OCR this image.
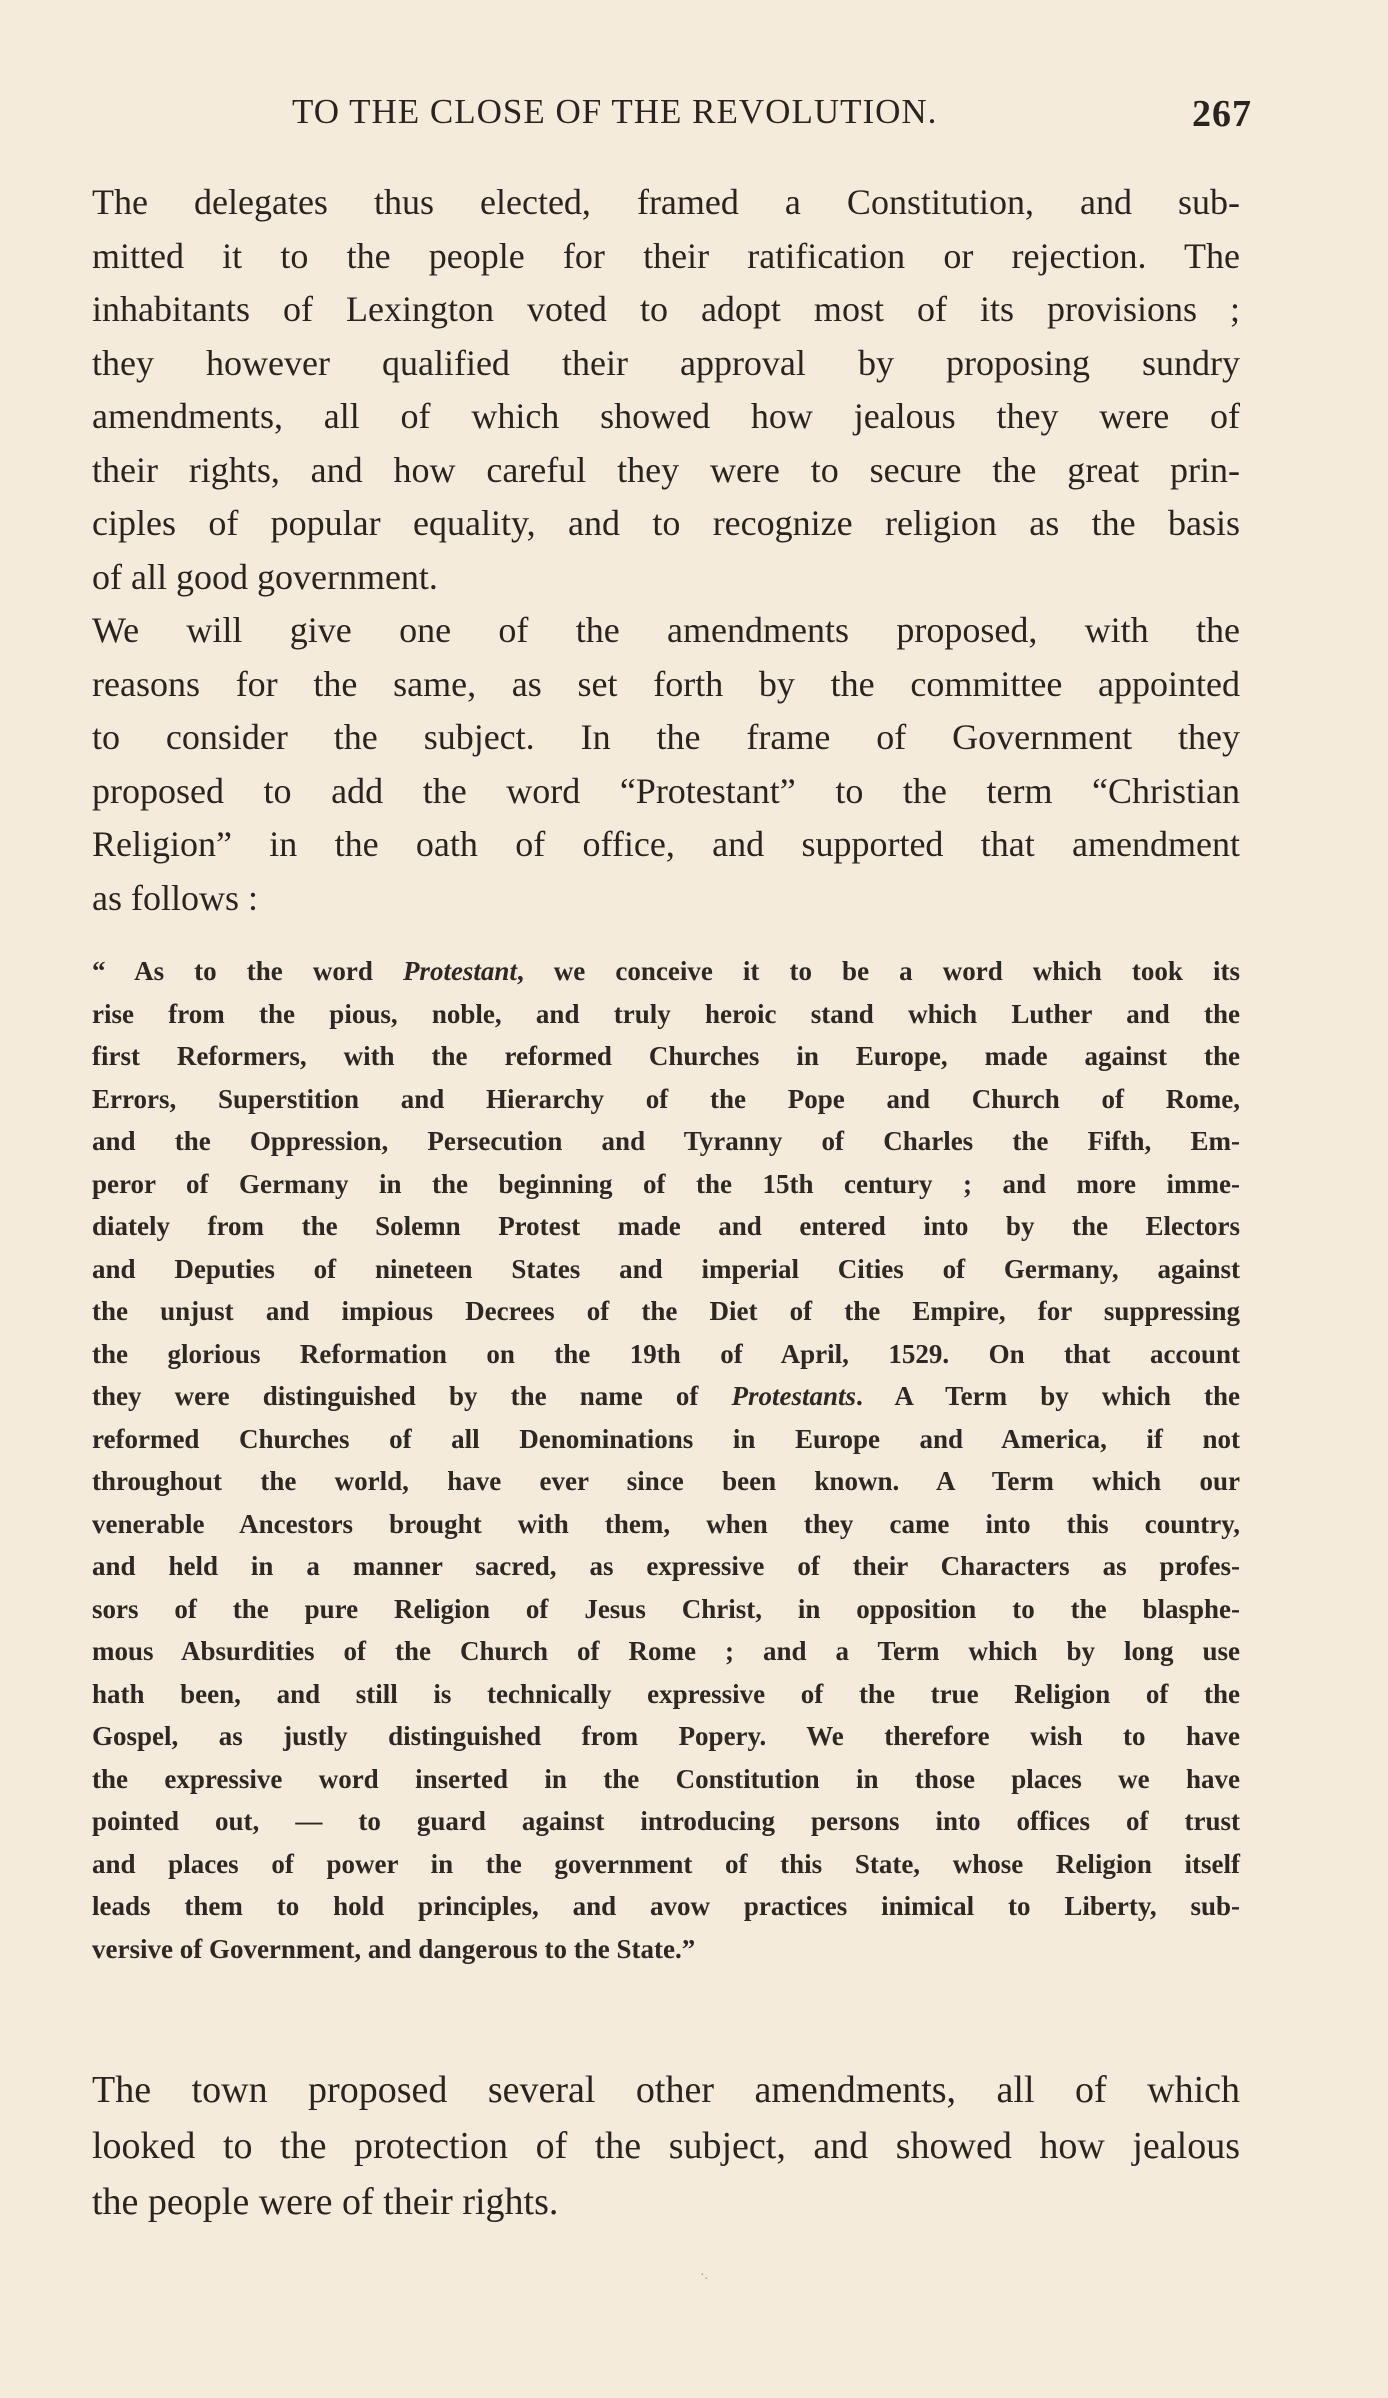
TO THE CLOSE OF THE REVOLUTION.	267
The delegates thus elected, framed a Constitution, and sub-
mitted it to the people for their ratification or rejection. The
inhabitants of Lexington voted to adopt most of its provisions ;
they however qualified their approval by proposing sundry
amendments, all of which showed how jealous they were of
their rights, and how careful they were to secure the great prin-
ciples of popular equality, and to recognize religion as the basis
of all good government.
We will give one of the amendments proposed, with the
reasons for the same, as set forth by the committee appointed
to consider the subject. In the frame of Government they
proposed to add the word “Protestant” to the term “Christian
Religion” in the oath of office, and supported that amendment
as follows :
“ As to the word Protestant, we conceive it to be a word which took its
rise from the pious, noble, and truly heroic stand which Luther and the
first Reformers, with the reformed Churches in Europe, made against the
Errors, Superstition and Hierarchy of the Pope and Church of Rome,
and the Oppression, Persecution and Tyranny of Charles the Fifth, Em-
peror of Germany in the beginning of the 15th century ; and more imme-
diately from the Solemn Protest made and entered into by the Electors
and Deputies of nineteen States and imperial Cities of Germany, against
the unjust and impious Decrees of the Diet of the Empire, for suppressing
the glorious Reformation on the 19th of April, 1529. On that account
they were distinguished by the name of Protestants. A Term by which the
reformed Churches of all Denominations in Europe and America, if not
throughout the world, have ever since been known. A Term which our
venerable Ancestors brought with them, when they came into this country,
and held in a manner sacred, as expressive of their Characters as profes-
sors of the pure Religion of Jesus Christ, in opposition to the blasphe-
mous Absurdities of the Church of Rome ; and a Term which by long use
hath been, and still is technically expressive of the true Religion of the
Gospel, as justly distinguished from Popery. We therefore wish to have
the expressive word inserted in the Constitution in those places we have
pointed out, — to guard against introducing persons into offices of trust
and places of power in the government of this State, whose Religion itself
leads them to hold principles, and avow practices inimical to Liberty, sub-
versive of Government, and dangerous to the State.”
The town proposed several other amendments, all of which
looked to the protection of the subject, and showed how jealous
the people were of their rights.
·.
